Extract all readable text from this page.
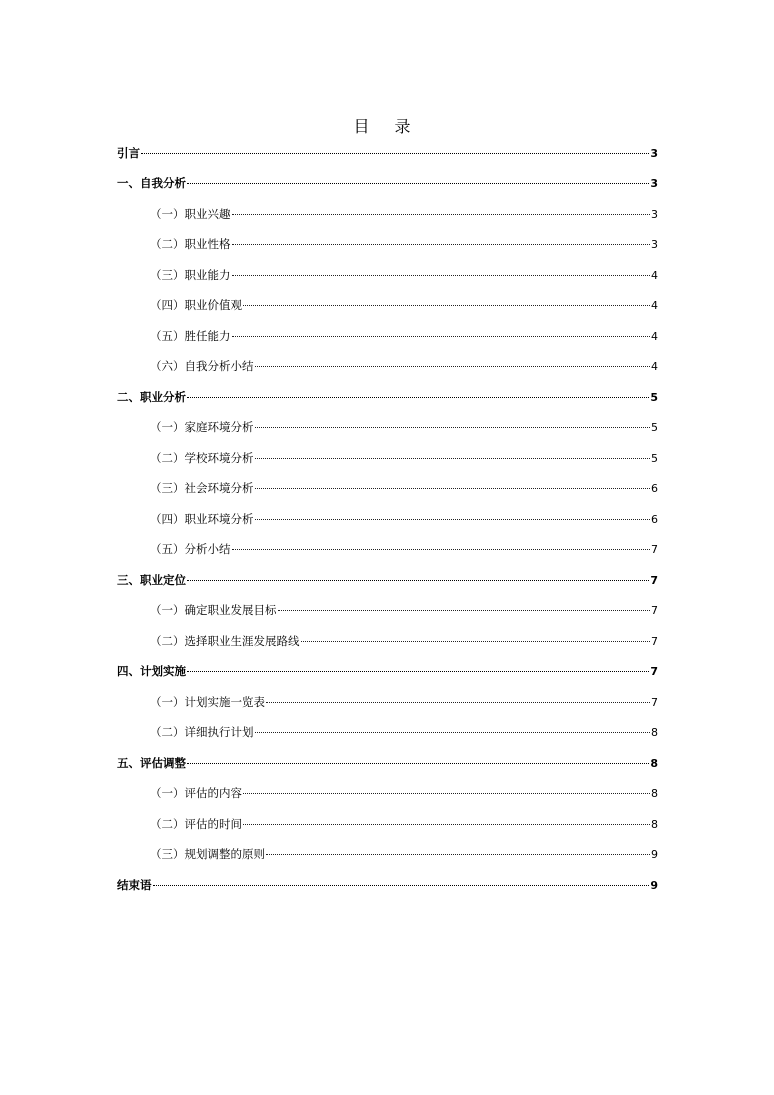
目 录
引言	3
一、自我分析	3
（一）职业兴趣	3
（二）职业性格	3
（三）职业能力	4
（四）职业价值观	4
（五）胜任能力	4
（六）自我分析小结	4
二、职业分析	5
（一）家庭环境分析	5
（二）学校环境分析	5
（三）社会环境分析	6
（四）职业环境分析	6
（五）分析小结	7
三、职业定位	7
（一）确定职业发展目标	7
（二）选择职业生涯发展路线	7
四、计划实施	7
（一）计划实施一览表	7
（二）详细执行计划	8
五、评估调整	8
（一）评估的内容	8
（二）评估的时间	8
（三）规划调整的原则	9
结束语	9
